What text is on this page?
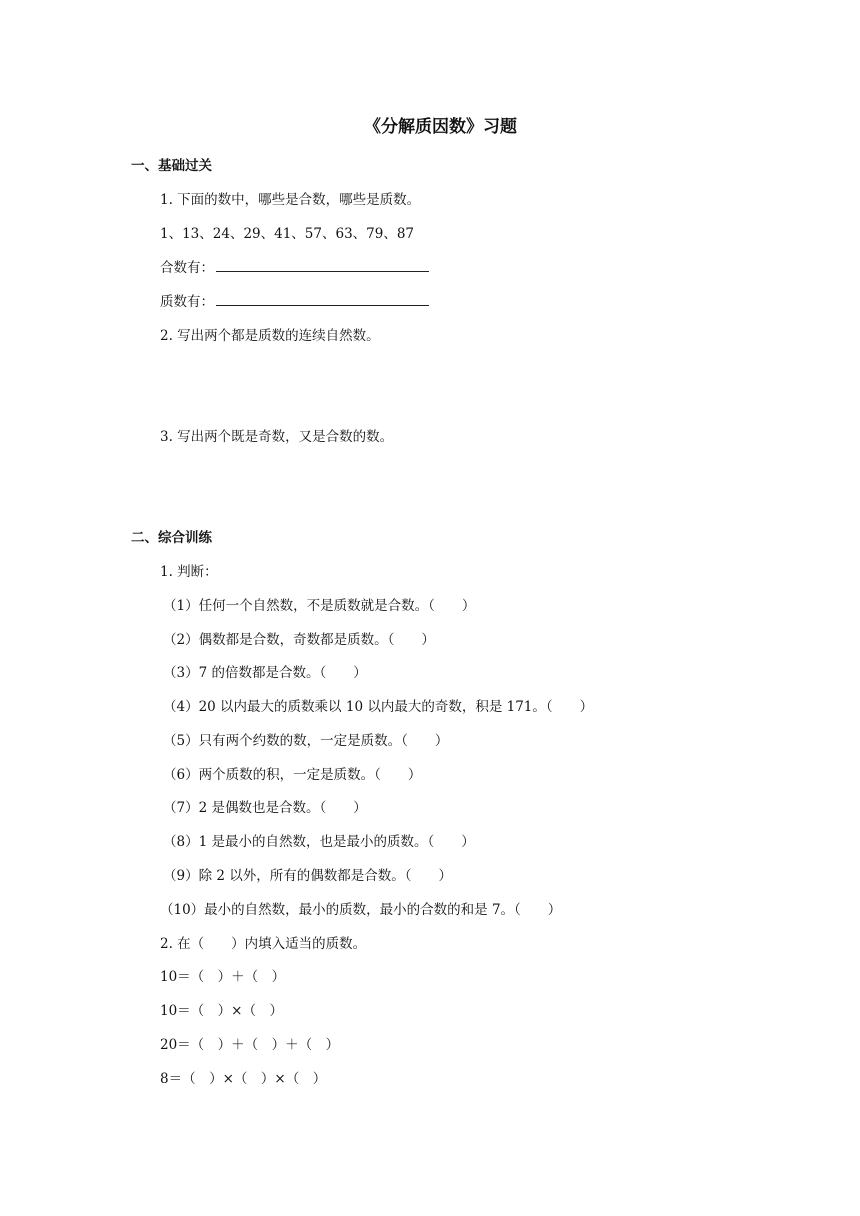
《分解质因数》习题
一、基础过关
1. 下面的数中，哪些是合数，哪些是质数。
1、13、24、29、41、57、63、79、87
合数有：
质数有：
2. 写出两个都是质数的连续自然数。
3. 写出两个既是奇数，又是合数的数。
二、综合训练
1. 判断：
（1）任何一个自然数，不是质数就是合数。（　　）
（2）偶数都是合数，奇数都是质数。（　　）
（3）7 的倍数都是合数。（　　）
（4）20 以内最大的质数乘以 10 以内最大的奇数，积是 171。（　　）
（5）只有两个约数的数，一定是质数。（　　）
（6）两个质数的积，一定是质数。（　　）
（7）2 是偶数也是合数。（　　）
（8）1 是最小的自然数，也是最小的质数。（　　）
（9）除 2 以外，所有的偶数都是合数。（　　）
（10）最小的自然数，最小的质数，最小的合数的和是 7。（　　）
2. 在（　　）内填入适当的质数。
10＝（　）＋（　）
10＝（　）×（　）
20＝（　）＋（　）＋（　）
8＝（　）×（　）×（　）
